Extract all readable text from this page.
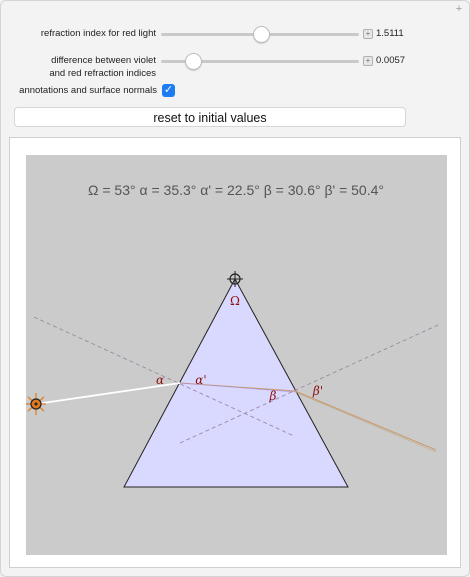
+
refraction index for red light	+ 1.5111
difference between violet
and red refraction indices
+ 0.0057
annotations and surface normals ✓
reset to initial values
Ω = 53° α = 35.3° α' = 22.5° β = 30.6° β' = 50.4°
Ω
α	α'
β	β'
